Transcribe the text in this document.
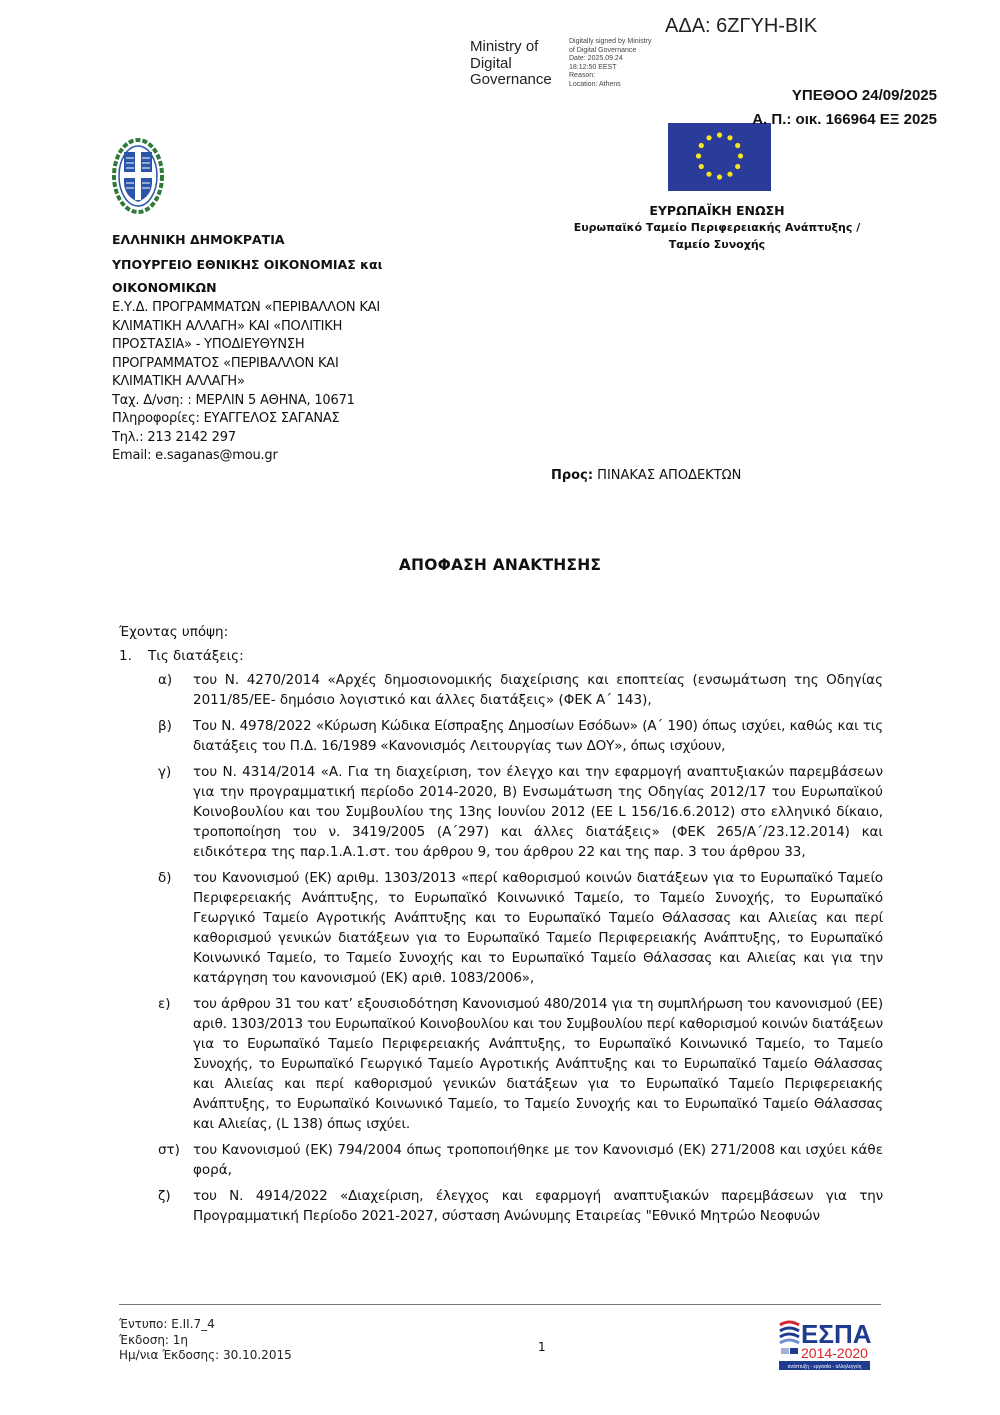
ΑΔΑ: 6ΖΓΥΗ-ΒΙΚ
Ministry of
Digital
Governance
Digitally signed by Ministry
of Digital Governance
Date: 2025.09.24
18:12:50 EEST
Reason:
Location: Athens
ΥΠΕΘΟΟ 24/09/2025
Α. Π.: οικ. 166964 ΕΞ 2025
ΕΥΡΩΠΑΪΚΗ ΕΝΩΣΗ
Ευρωπαϊκό Ταμείο Περιφερειακής Ανάπτυξης /
Ταμείο Συνοχής
ΕΛΛΗΝΙΚΗ ΔΗΜΟΚΡΑΤΙΑ
ΥΠΟΥΡΓΕΙΟ ΕΘΝΙΚΗΣ ΟΙΚΟΝΟΜΙΑΣ και
ΟΙΚΟΝΟΜΙΚΩΝ
Ε.Υ.Δ. ΠΡΟΓΡΑΜΜΑΤΩΝ «ΠΕΡΙΒΑΛΛΟΝ ΚΑΙ
ΚΛΙΜΑΤΙΚΗ ΑΛΛΑΓΗ» ΚΑΙ «ΠΟΛΙΤΙΚΗ
ΠΡΟΣΤΑΣΙΑ» - ΥΠΟΔΙΕΥΘΥΝΣΗ
ΠΡΟΓΡΑΜΜΑΤΟΣ «ΠΕΡΙΒΑΛΛΟΝ ΚΑΙ
ΚΛΙΜΑΤΙΚΗ ΑΛΛΑΓΗ»
Ταχ. Δ/νση: : ΜΕΡΛΙΝ 5 ΑΘΗΝΑ, 10671
Πληροφορίες: ΕΥΑΓΓΕΛΟΣ ΣΑΓΑΝΑΣ
Τηλ.: 213 2142 297
Email: e.saganas@mou.gr
Προς: ΠΙΝΑΚΑΣ ΑΠΟΔΕΚΤΩΝ
ΑΠΟΦΑΣΗ ΑΝΑΚΤΗΣΗΣ
Έχοντας υπόψη:
1.	Τις διατάξεις:
α)	του Ν. 4270/2014 «Αρχές δημοσιονομικής διαχείρισης και εποπτείας (ενσωμάτωση της Οδηγίας 2011/85/ΕΕ- δημόσιο λογιστικό και άλλες διατάξεις» (ΦΕΚ Α΄ 143),
β)	Του Ν. 4978/2022 «Κύρωση Κώδικα Είσπραξης Δημοσίων Εσόδων» (Α΄ 190) όπως ισχύει, καθώς και τις διατάξεις του Π.Δ. 16/1989 «Κανονισμός Λειτουργίας των ΔΟΥ», όπως ισχύουν,
γ)	του Ν. 4314/2014 «Α. Για τη διαχείριση, τον έλεγχο και την εφαρμογή αναπτυξιακών παρεμβάσεων για την προγραμματική περίοδο 2014-2020, Β) Ενσωμάτωση της Οδηγίας 2012/17 του Ευρωπαϊκού Κοινοβουλίου και του Συμβουλίου της 13ης Ιουνίου 2012 (ΕΕ L 156/16.6.2012) στο ελληνικό δίκαιο, τροποποίηση του ν. 3419/2005 (Α΄297) και άλλες διατάξεις» (ΦΕΚ 265/Α΄/23.12.2014) και ειδικότερα της παρ.1.Α.1.στ. του άρθρου 9, του άρθρου 22 και της παρ. 3 του άρθρου 33,
δ)	του Κανονισμού (ΕΚ) αριθμ. 1303/2013 «περί καθορισμού κοινών διατάξεων για το Ευρωπαϊκό Ταμείο Περιφερειακής Ανάπτυξης, το Ευρωπαϊκό Κοινωνικό Ταμείο, το Ταμείο Συνοχής, το Ευρωπαϊκό Γεωργικό Ταμείο Αγροτικής Ανάπτυξης και το Ευρωπαϊκό Ταμείο Θάλασσας και Αλιείας και περί καθορισμού γενικών διατάξεων για το Ευρωπαϊκό Ταμείο Περιφερειακής Ανάπτυξης, το Ευρωπαϊκό Κοινωνικό Ταμείο, το Ταμείο Συνοχής και το Ευρωπαϊκό Ταμείο Θάλασσας και Αλιείας και για την κατάργηση του κανονισμού (ΕΚ) αριθ. 1083/2006»,
ε)	του άρθρου 31 του κατ’ εξουσιοδότηση Κανονισμού 480/2014 για τη συμπλήρωση του κανονισμού (ΕΕ) αριθ. 1303/2013 του Ευρωπαϊκού Κοινοβουλίου και του Συμβουλίου περί καθορισμού κοινών διατάξεων για το Ευρωπαϊκό Ταμείο Περιφερειακής Ανάπτυξης, το Ευρωπαϊκό Κοινωνικό Ταμείο, το Ταμείο Συνοχής, το Ευρωπαϊκό Γεωργικό Ταμείο Αγροτικής Ανάπτυξης και το Ευρωπαϊκό Ταμείο Θάλασσας και Αλιείας και περί καθορισμού γενικών διατάξεων για το Ευρωπαϊκό Ταμείο Περιφερειακής Ανάπτυξης, το Ευρωπαϊκό Κοινωνικό Ταμείο, το Ταμείο Συνοχής και το Ευρωπαϊκό Ταμείο Θάλασσας και Αλιείας, (L 138) όπως ισχύει.
στ) του Κανονισμού (ΕΚ) 794/2004 όπως τροποποιήθηκε με τον Κανονισμό (ΕΚ) 271/2008 και ισχύει κάθε φορά,
ζ)	του Ν. 4914/2022 «Διαχείριση, έλεγχος και εφαρμογή αναπτυξιακών παρεμβάσεων για την Προγραμματική Περίοδο 2021-2027, σύσταση Ανώνυμης Εταιρείας "Εθνικό Μητρώο Νεοφυών
Έντυπο: Ε.ΙΙ.7_4
Έκδοση: 1η
Ημ/νια Έκδοσης: 30.10.2015
1	ΕΣΠΑ
2014-2020
ανάπτυξη - εργασία - αλληλεγγύη
